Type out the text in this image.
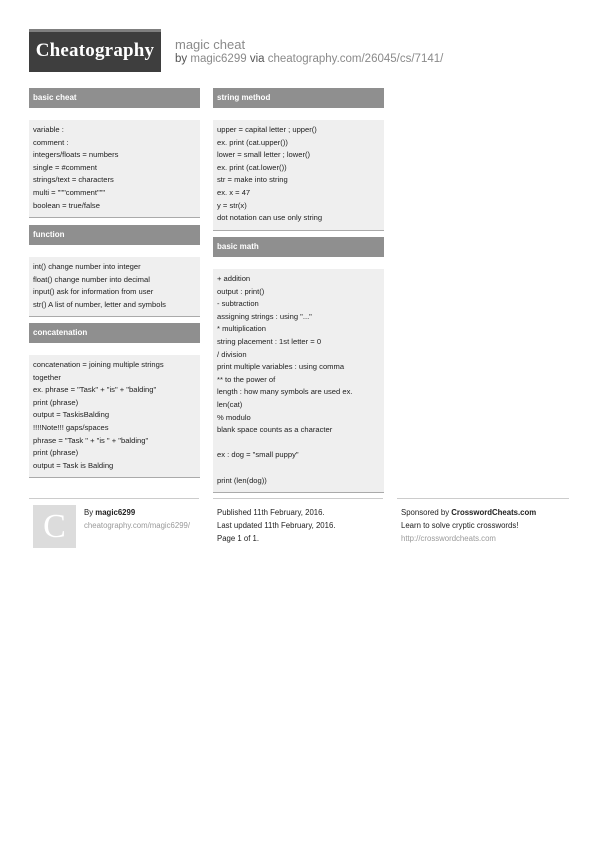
Cheatography	magic cheat
by magic6299 via cheatography.com/26045/cs/7141/
basic cheat
variable :
comment :
integers/floats = numbers
single = #comment
strings/text = characters
multi = """comment"""
boolean = true/false
function
int() change number into integer
float() change number into decimal
input() ask for information from user
str() A list of number, letter and symbols
concatenation
concatenation = joining multiple strings
together
ex. phrase = "Task" + "is" + "balding"
print (phrase)
output = TaskisBalding
!!!!Note!!! gaps/spaces
phrase = "Task " + "is " + "balding"
print (phrase)
output = Task is Balding
string method
upper = capital letter ; upper()
ex. print (cat.upper())
lower = small letter ; lower()
ex. print (cat.lower())
str = make into string
ex. x = 47
y = str(x)
dot notation can use only string
basic math
+ addition
output : print()
- subtraction
assigning strings : using "..."
* multiplication
string placement : 1st letter = 0
/ division
print multiple variables : using comma
** to the power of
length : how many symbols are used ex.
len(cat)
% modulo
blank space counts as a character
ex : dog = "small puppy"
print (len(dog))
C	By magic6299
cheatography.com/magic6299/
Published 11th February, 2016.
Last updated 11th February, 2016.
Page 1 of 1.
Sponsored by CrosswordCheats.com
Learn to solve cryptic crosswords!
http://crosswordcheats.com
